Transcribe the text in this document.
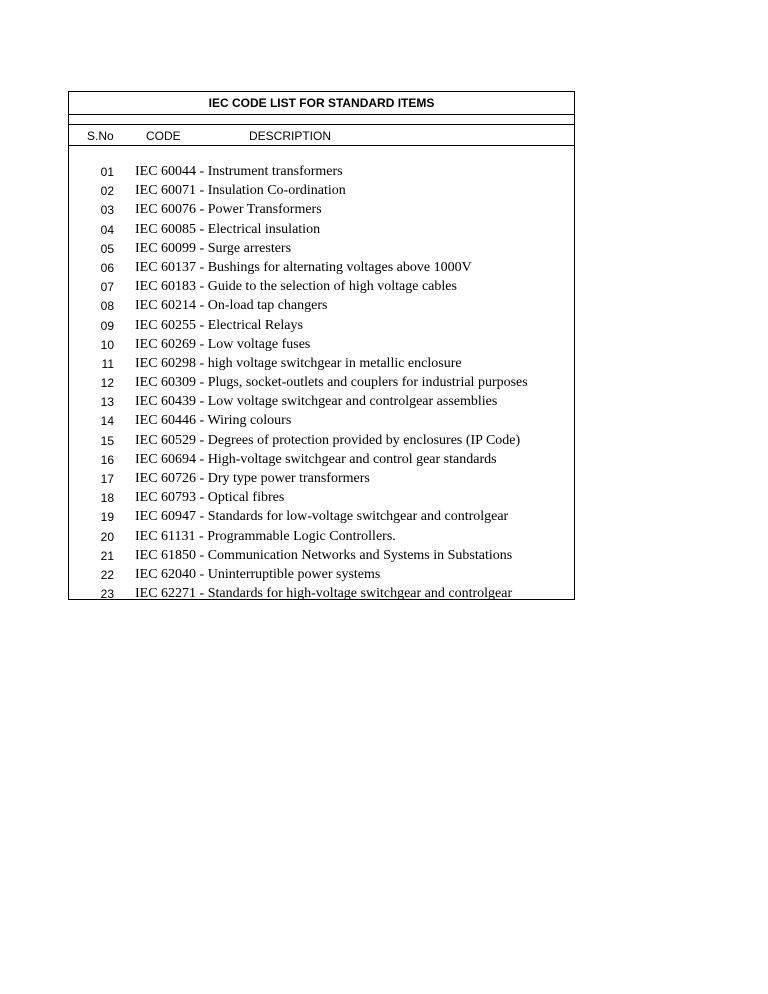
IEC CODE LIST FOR STANDARD ITEMS
S.No	CODE	DESCRIPTION
01 IEC 60044 - Instrument transformers
02 IEC 60071 - Insulation Co-ordination
03 IEC 60076 - Power Transformers
04 IEC 60085 - Electrical insulation
05 IEC 60099 - Surge arresters
06 IEC 60137 - Bushings for alternating voltages above 1000V
07 IEC 60183 - Guide to the selection of high voltage cables
08 IEC 60214 - On-load tap changers
09 IEC 60255 - Electrical Relays
10 IEC 60269 - Low voltage fuses
11 IEC 60298 - high voltage switchgear in metallic enclosure
12 IEC 60309 - Plugs, socket-outlets and couplers for industrial purposes
13 IEC 60439 - Low voltage switchgear and controlgear assemblies
14 IEC 60446 - Wiring colours
15 IEC 60529 - Degrees of protection provided by enclosures (IP Code)
16 IEC 60694 - High-voltage switchgear and control gear standards
17 IEC 60726 - Dry type power transformers
18 IEC 60793 - Optical fibres
19 IEC 60947 - Standards for low-voltage switchgear and controlgear
20 IEC 61131 - Programmable Logic Controllers.
21 IEC 61850 - Communication Networks and Systems in Substations
22 IEC 62040 - Uninterruptible power systems
23 IEC 62271 - Standards for high-voltage switchgear and controlgear
